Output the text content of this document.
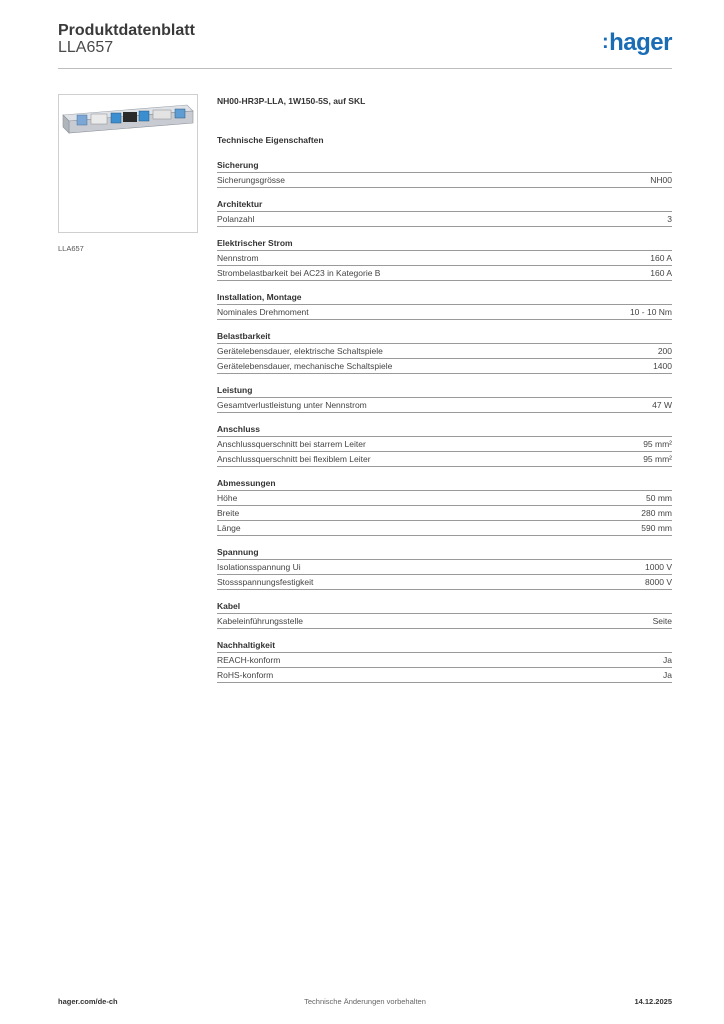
Produktdatenblatt
LLA657	:hager
LLA657
NH00-HR3P-LLA, 1W150-5S, auf SKL
Technische Eigenschaften
Sicherung
Sicherungsgrösse	NH00
Architektur
Polanzahl	3
Elektrischer Strom
Nennstrom	160 A
Strombelastbarkeit bei AC23 in Kategorie B	160 A
Installation, Montage
Nominales Drehmoment	10 - 10 Nm
Belastbarkeit
Gerätelebensdauer, elektrische Schaltspiele	200
Gerätelebensdauer, mechanische Schaltspiele	1400
Leistung
Gesamtverlustleistung unter Nennstrom	47 W
Anschluss
Anschlussquerschnitt bei starrem Leiter	95 mm²
Anschlussquerschnitt bei flexiblem Leiter	95 mm²
Abmessungen
Höhe	50 mm
Breite	280 mm
Länge	590 mm
Spannung
Isolationsspannung Ui	1000 V
Stossspannungsfestigkeit	8000 V
Kabel
Kabeleinführungsstelle	Seite
Nachhaltigkeit
REACH-konform	Ja
RoHS-konform	Ja
Technische Änderungen vorbehalten
hager.com/de-ch	14.12.2025
